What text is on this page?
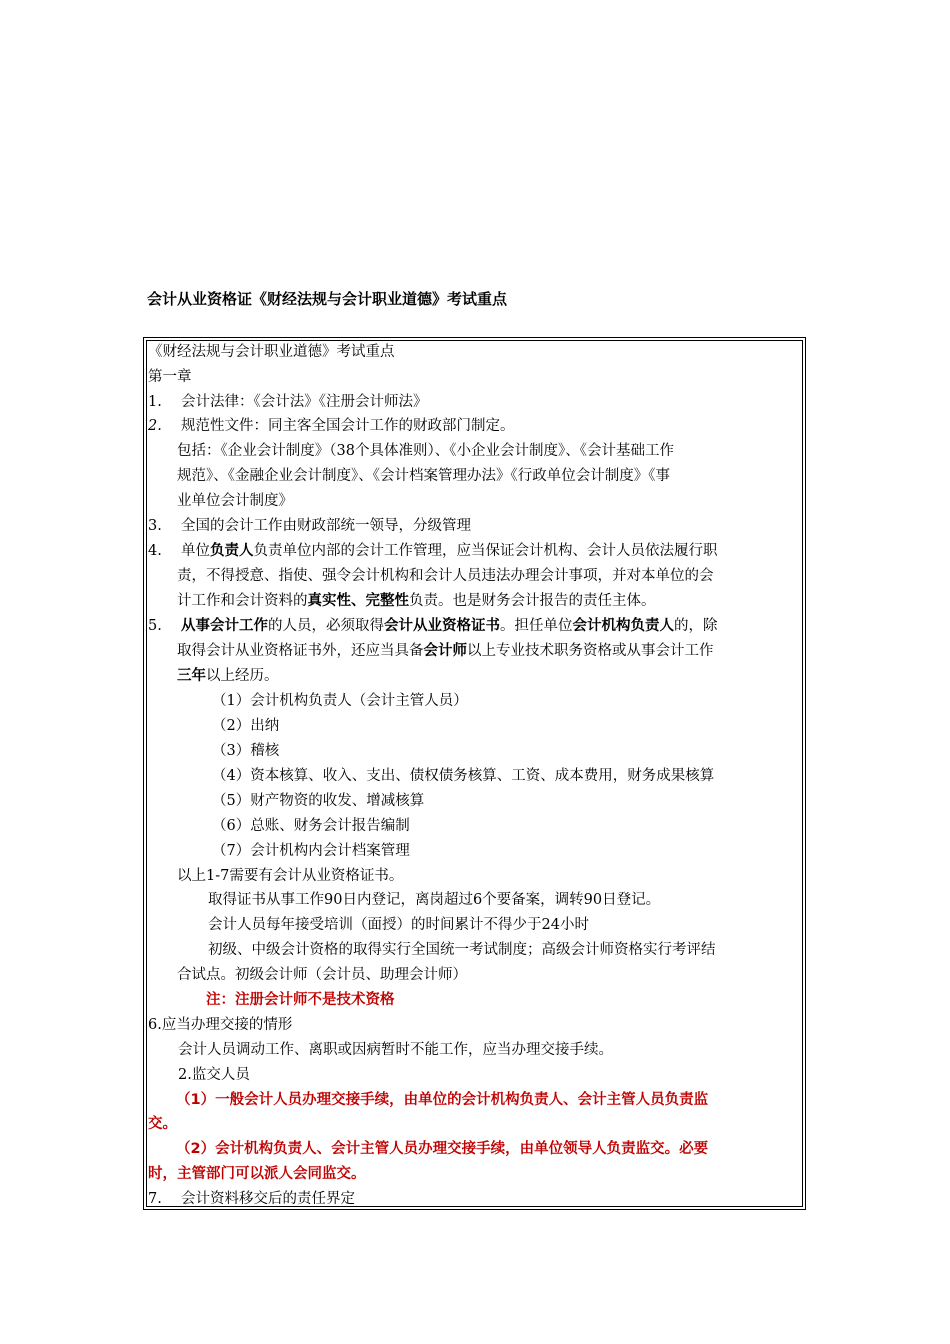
会计从业资格证《财经法规与会计职业道德》考试重点
《财经法规与会计职业道德》考试重点
第一章
1. 会计法律：《会计法》《注册会计师法》
2. 规范性文件：同主客全国会计工作的财政部门制定。
包括：《企业会计制度》（38个具体准则）、《小企业会计制度》、《会计基础工作
规范》、《金融企业会计制度》、《会计档案管理办法》《行政单位会计制度》《事
业单位会计制度》
3. 全国的会计工作由财政部统一领导，分级管理
4. 单位负责人负责单位内部的会计工作管理，应当保证会计机构、会计人员依法履行职
责，不得授意、指使、强令会计机构和会计人员违法办理会计事项，并对本单位的会
计工作和会计资料的真实性、完整性负责。也是财务会计报告的责任主体。
5. 从事会计工作的人员，必须取得会计从业资格证书。担任单位会计机构负责人的，除
取得会计从业资格证书外，还应当具备会计师以上专业技术职务资格或从事会计工作
三年以上经历。
（1）会计机构负责人（会计主管人员）
（2）出纳
（3）稽核
（4）资本核算、收入、支出、债权债务核算、工资、成本费用，财务成果核算
（5）财产物资的收发、增减核算
（6）总账、财务会计报告编制
（7）会计机构内会计档案管理
以上1-7需要有会计从业资格证书。
取得证书从事工作90日内登记，离岗超过6个要备案，调转90日登记。
会计人员每年接受培训（面授）的时间累计不得少于24小时
初级、中级会计资格的取得实行全国统一考试制度；高级会计师资格实行考评结
合试点。初级会计师（会计员、助理会计师）
注：注册会计师不是技术资格
6.应当办理交接的情形
会计人员调动工作、离职或因病暂时不能工作，应当办理交接手续。
2.监交人员
（1）一般会计人员办理交接手续，由单位的会计机构负责人、会计主管人员负责监
交。
（2）会计机构负责人、会计主管人员办理交接手续，由单位领导人负责监交。必要
时，主管部门可以派人会同监交。
7. 会计资料移交后的责任界定
